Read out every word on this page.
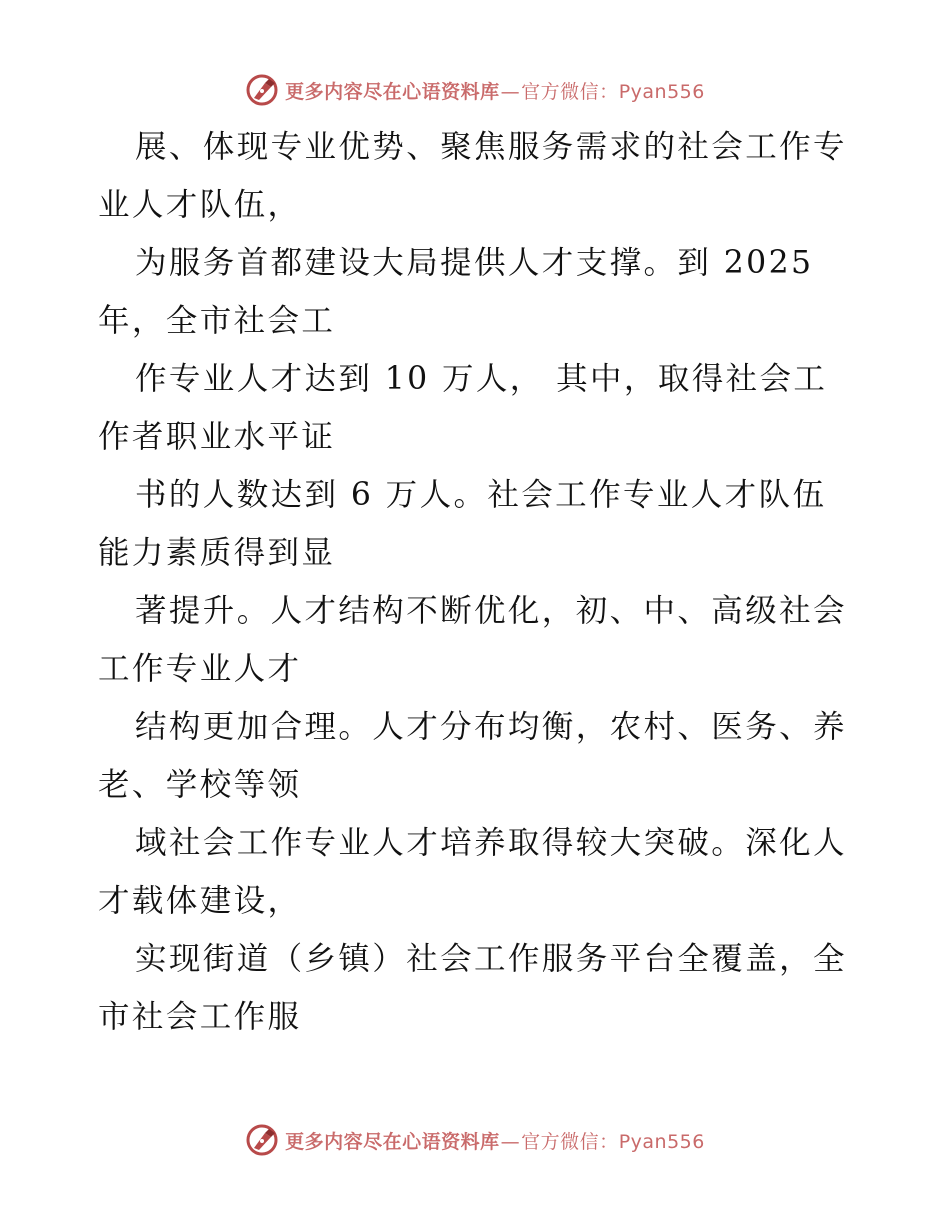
更多内容尽在心语资料库—官方微信：Pyan556
展、体现专业优势、聚焦服务需求的社会工作专
业人才队伍，
为服务首都建设大局提供人才支撑。到 2025
年，全市社会工
作专业人才达到 10 万人， 其中，取得社会工
作者职业水平证
书的人数达到 6 万人。社会工作专业人才队伍
能力素质得到显
著提升。人才结构不断优化，初、中、高级社会
工作专业人才
结构更加合理。人才分布均衡，农村、医务、养
老、学校等领
域社会工作专业人才培养取得较大突破。深化人
才载体建设，
实现街道（乡镇）社会工作服务平台全覆盖，全
市社会工作服
更多内容尽在心语资料库—官方微信：Pyan556
